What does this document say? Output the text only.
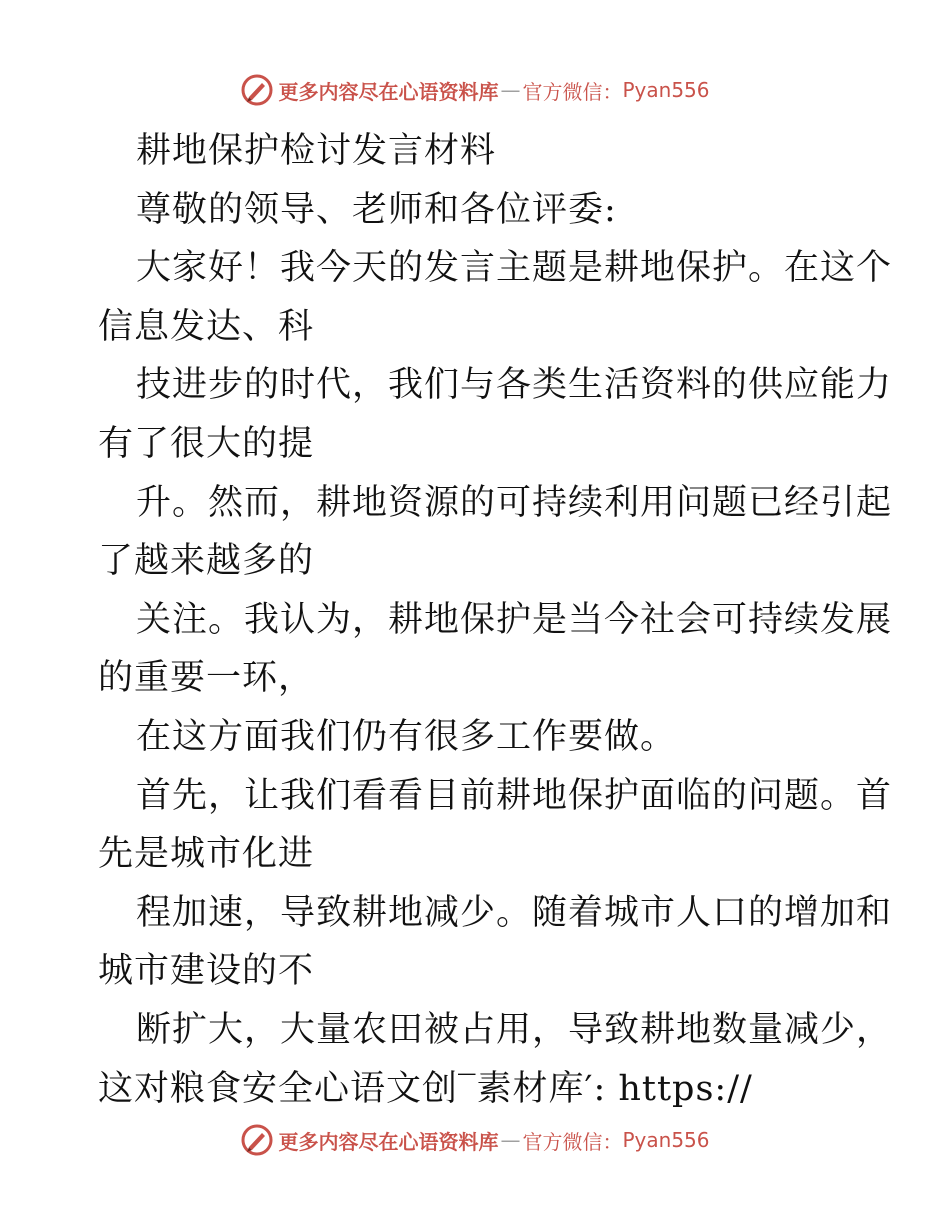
更多内容尽在心语资料库 — 官方微信： Pyan556
耕地保护检讨发言材料
尊敬的领导、老师和各位评委:
大家好！我今天的发言主题是耕地保护。在这个
信息发达、科
技进步的时代，我们与各类生活资料的供应能力
有了很大的提
升。然而，耕地资源的可持续利用问题已经引起
了越来越多的
关注。我认为，耕地保护是当今社会可持续发展
的重要一环，
在这方面我们仍有很多工作要做。
首先，让我们看看目前耕地保护面临的问题。首
先是城市化进
程加速，导致耕地减少。随着城市人口的增加和
城市建设的不
断扩大，大量农田被占用，导致耕地数量减少，
这对粮食安全心语文创‾素材库′: https://
更多内容尽在心语资料库 — 官方微信： Pyan556
